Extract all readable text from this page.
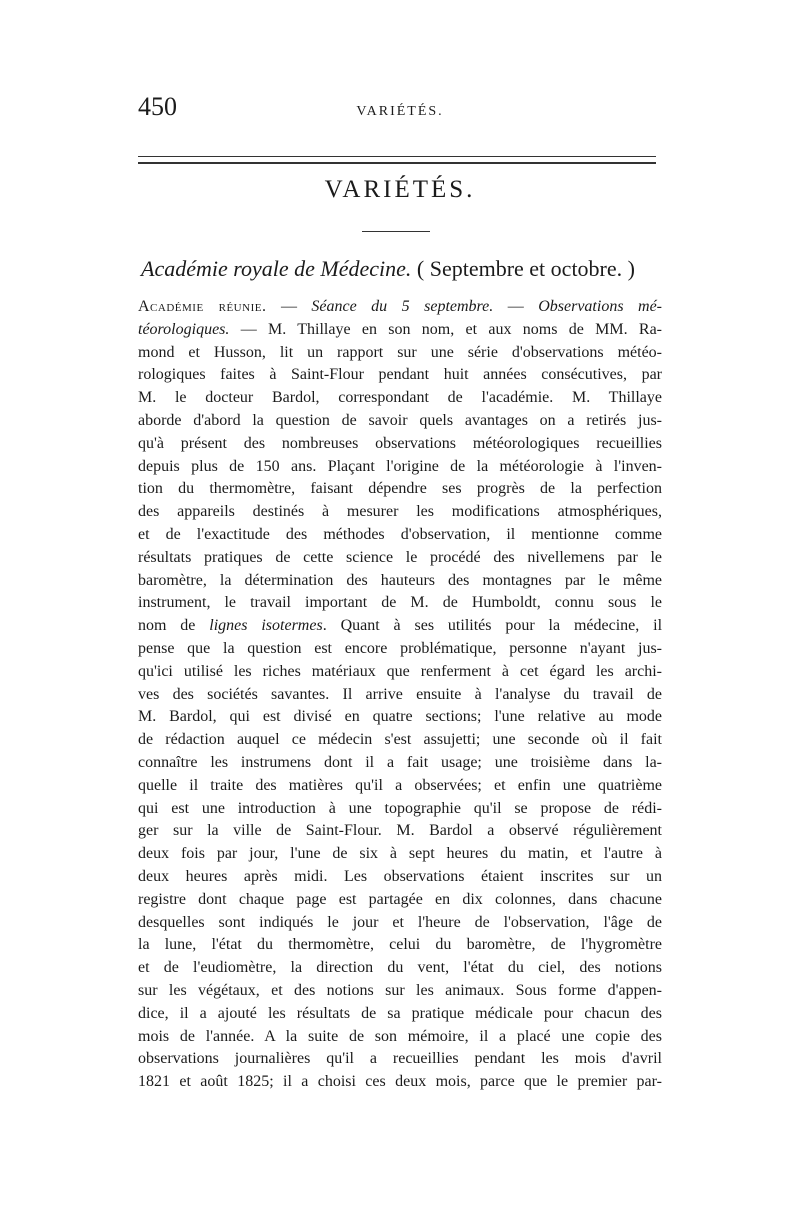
450	VARIÉTÉS.
VARIÉTÉS.
Académie royale de Médecine. ( Septembre et octobre. )
Académie réunie. — Séance du 5 septembre. — Observations mé-
téorologiques. — M. Thillaye en son nom, et aux noms de MM. Ra-
mond et Husson, lit un rapport sur une série d'observations météo-
rologiques faites à Saint-Flour pendant huit années consécutives, par
M. le docteur Bardol, correspondant de l'académie. M. Thillaye
aborde d'abord la question de savoir quels avantages on a retirés jus-
qu'à présent des nombreuses observations météorologiques recueillies
depuis plus de 150 ans. Plaçant l'origine de la météorologie à l'inven-
tion du thermomètre, faisant dépendre ses progrès de la perfection
des appareils destinés à mesurer les modifications atmosphériques,
et de l'exactitude des méthodes d'observation, il mentionne comme
résultats pratiques de cette science le procédé des nivellemens par le
baromètre, la détermination des hauteurs des montagnes par le même
instrument, le travail important de M. de Humboldt, connu sous le
nom de lignes isotermes. Quant à ses utilités pour la médecine, il
pense que la question est encore problématique, personne n'ayant jus-
qu'ici utilisé les riches matériaux que renferment à cet égard les archi-
ves des sociétés savantes. Il arrive ensuite à l'analyse du travail de
M. Bardol, qui est divisé en quatre sections; l'une relative au mode
de rédaction auquel ce médecin s'est assujetti; une seconde où il fait
connaître les instrumens dont il a fait usage; une troisième dans la-
quelle il traite des matières qu'il a observées; et enfin une quatrième
qui est une introduction à une topographie qu'il se propose de rédi-
ger sur la ville de Saint-Flour. M. Bardol a observé régulièrement
deux fois par jour, l'une de six à sept heures du matin, et l'autre à
deux heures après midi. Les observations étaient inscrites sur un
registre dont chaque page est partagée en dix colonnes, dans chacune
desquelles sont indiqués le jour et l'heure de l'observation, l'âge de
la lune, l'état du thermomètre, celui du baromètre, de l'hygromètre
et de l'eudiomètre, la direction du vent, l'état du ciel, des notions
sur les végétaux, et des notions sur les animaux. Sous forme d'appen-
dice, il a ajouté les résultats de sa pratique médicale pour chacun des
mois de l'année. A la suite de son mémoire, il a placé une copie des
observations journalières qu'il a recueillies pendant les mois d'avril
1821 et août 1825; il a choisi ces deux mois, parce que le premier par-
